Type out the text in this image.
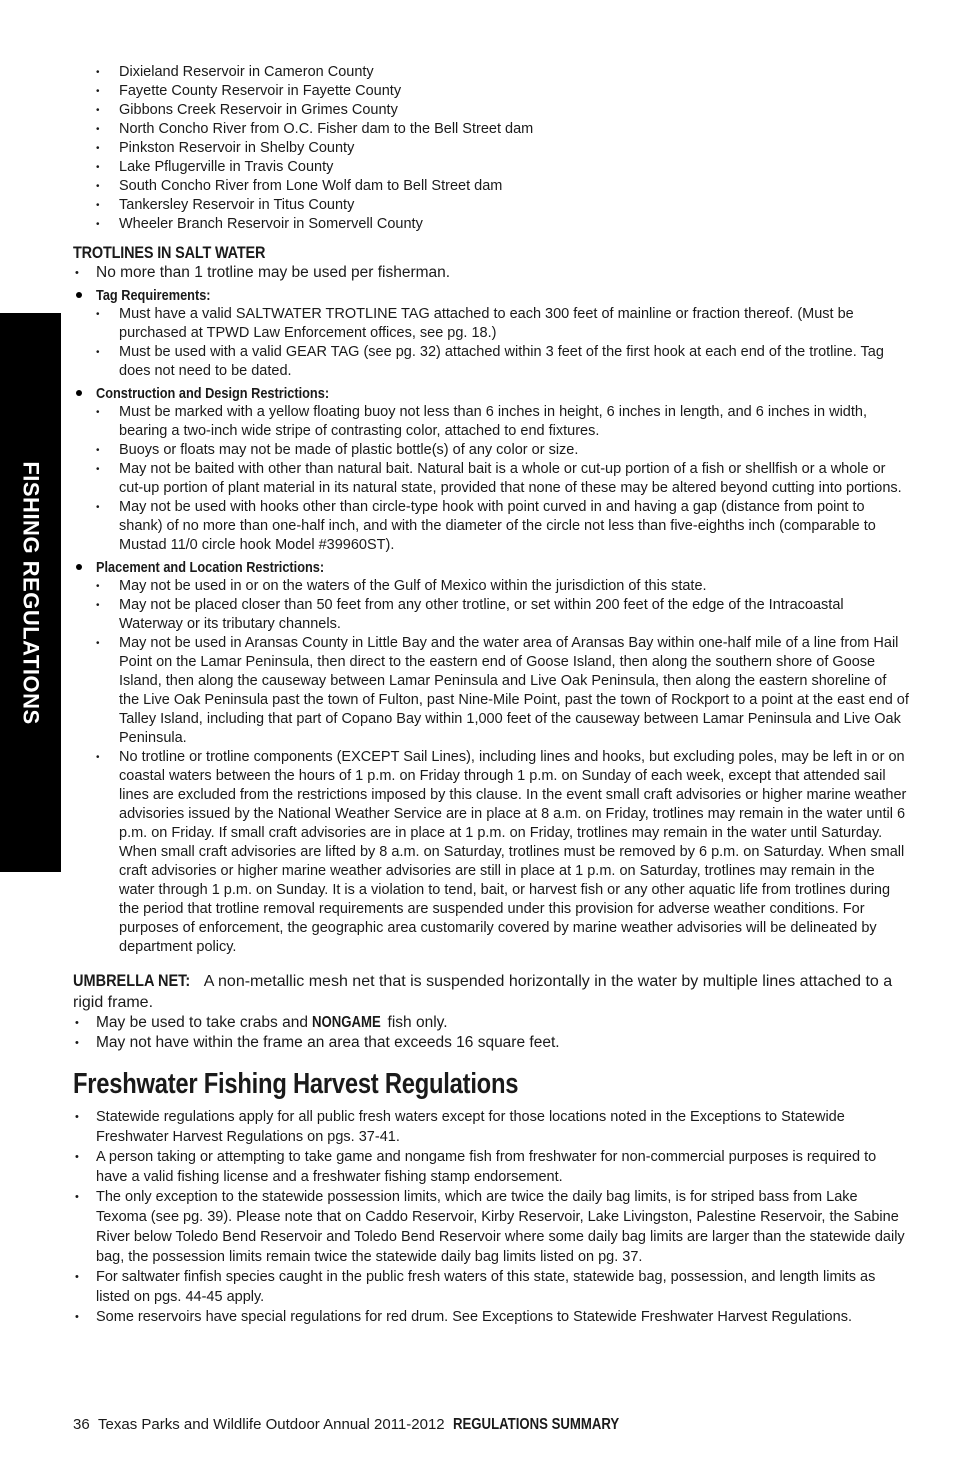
FISHING REGULATIONS
• Dixieland Reservoir in Cameron County
• Fayette County Reservoir in Fayette County
• Gibbons Creek Reservoir in Grimes County
• North Concho River from O.C. Fisher dam to the Bell Street dam
• Pinkston Reservoir in Shelby County
• Lake Pflugerville in Travis County
• South Concho River from Lone Wolf dam to Bell Street dam
• Tankersley Reservoir in Titus County
• Wheeler Branch Reservoir in Somervell County
TROTLINES IN SALT WATER
• No more than 1 trotline may be used per fisherman.
Tag Requirements:
• Must have a valid SALTWATER TROTLINE TAG attached to each 300 feet of mainline or fraction thereof. (Must be purchased at TPWD Law Enforcement offices, see pg. 18.)
• Must be used with a valid GEAR TAG (see pg. 32) attached within 3 feet of the first hook at each end of the trotline. Tag does not need to be dated.
Construction and Design Restrictions:
• Must be marked with a yellow floating buoy not less than 6 inches in height, 6 inches in length, and 6 inches in width, bearing a two-inch wide stripe of contrasting color, attached to end fixtures.
• Buoys or floats may not be made of plastic bottle(s) of any color or size.
• May not be baited with other than natural bait. Natural bait is a whole or cut-up portion of a fish or shellfish or a whole or cut-up portion of plant material in its natural state, provided that none of these may be altered beyond cutting into portions.
• May not be used with hooks other than circle-type hook with point curved in and having a gap (distance from point to shank) of no more than one-half inch, and with the diameter of the circle not less than five-eighths inch (comparable to Mustad 11/0 circle hook Model #39960ST).
Placement and Location Restrictions:
• May not be used in or on the waters of the Gulf of Mexico within the jurisdiction of this state.
• May not be placed closer than 50 feet from any other trotline, or set within 200 feet of the edge of the Intracoastal Waterway or its tributary channels.
• May not be used in Aransas County in Little Bay and the water area of Aransas Bay within one-half mile of a line from Hail Point on the Lamar Peninsula, then direct to the eastern end of Goose Island, then along the southern shore of Goose Island, then along the causeway between Lamar Peninsula and Live Oak Peninsula, then along the eastern shoreline of the Live Oak Peninsula past the town of Fulton, past Nine-Mile Point, past the town of Rockport to a point at the east end of Talley Island, including that part of Copano Bay within 1,000 feet of the causeway between Lamar Peninsula and Live Oak Peninsula.
• No trotline or trotline components (EXCEPT Sail Lines), including lines and hooks, but excluding poles, may be left in or on coastal waters between the hours of 1 p.m. on Friday through 1 p.m. on Sunday of each week, except that attended sail lines are excluded from the restrictions imposed by this clause. In the event small craft advisories or higher marine weather advisories issued by the National Weather Service are in place at 8 a.m. on Friday, trotlines may remain in the water until 6 p.m. on Friday. If small craft advisories are in place at 1 p.m. on Friday, trotlines may remain in the water until Saturday. When small craft advisories are lifted by 8 a.m. on Saturday, trotlines must be removed by 6 p.m. on Saturday. When small craft advisories or higher marine weather advisories are still in place at 1 p.m. on Saturday, trotlines may remain in the water through 1 p.m. on Sunday. It is a violation to tend, bait, or harvest fish or any other aquatic life from trotlines during the period that trotline removal requirements are suspended under this provision for adverse weather conditions. For purposes of enforcement, the geographic area customarily covered by marine weather advisories will be delineated by department policy.
UMBRELLA NET: A non-metallic mesh net that is suspended horizontally in the water by multiple lines attached to a rigid frame.
• May be used to take crabs and NONGAME fish only.
• May not have within the frame an area that exceeds 16 square feet.
Freshwater Fishing Harvest Regulations
• Statewide regulations apply for all public fresh waters except for those locations noted in the Exceptions to Statewide Freshwater Harvest Regulations on pgs. 37-41.
• A person taking or attempting to take game and nongame fish from freshwater for non-commercial purposes is required to have a valid fishing license and a freshwater fishing stamp endorsement.
• The only exception to the statewide possession limits, which are twice the daily bag limits, is for striped bass from Lake Texoma (see pg. 39). Please note that on Caddo Reservoir, Kirby Reservoir, Lake Livingston, Palestine Reservoir, the Sabine River below Toledo Bend Reservoir and Toledo Bend Reservoir where some daily bag limits are larger than the statewide daily bag, the possession limits remain twice the statewide daily bag limits listed on pg. 37.
• For saltwater finfish species caught in the public fresh waters of this state, statewide bag, possession, and length limits as listed on pgs. 44-45 apply.
• Some reservoirs have special regulations for red drum. See Exceptions to Statewide Freshwater Harvest Regulations.
36 Texas Parks and Wildlife Outdoor Annual 2011-2012 REGULATIONS SUMMARY
